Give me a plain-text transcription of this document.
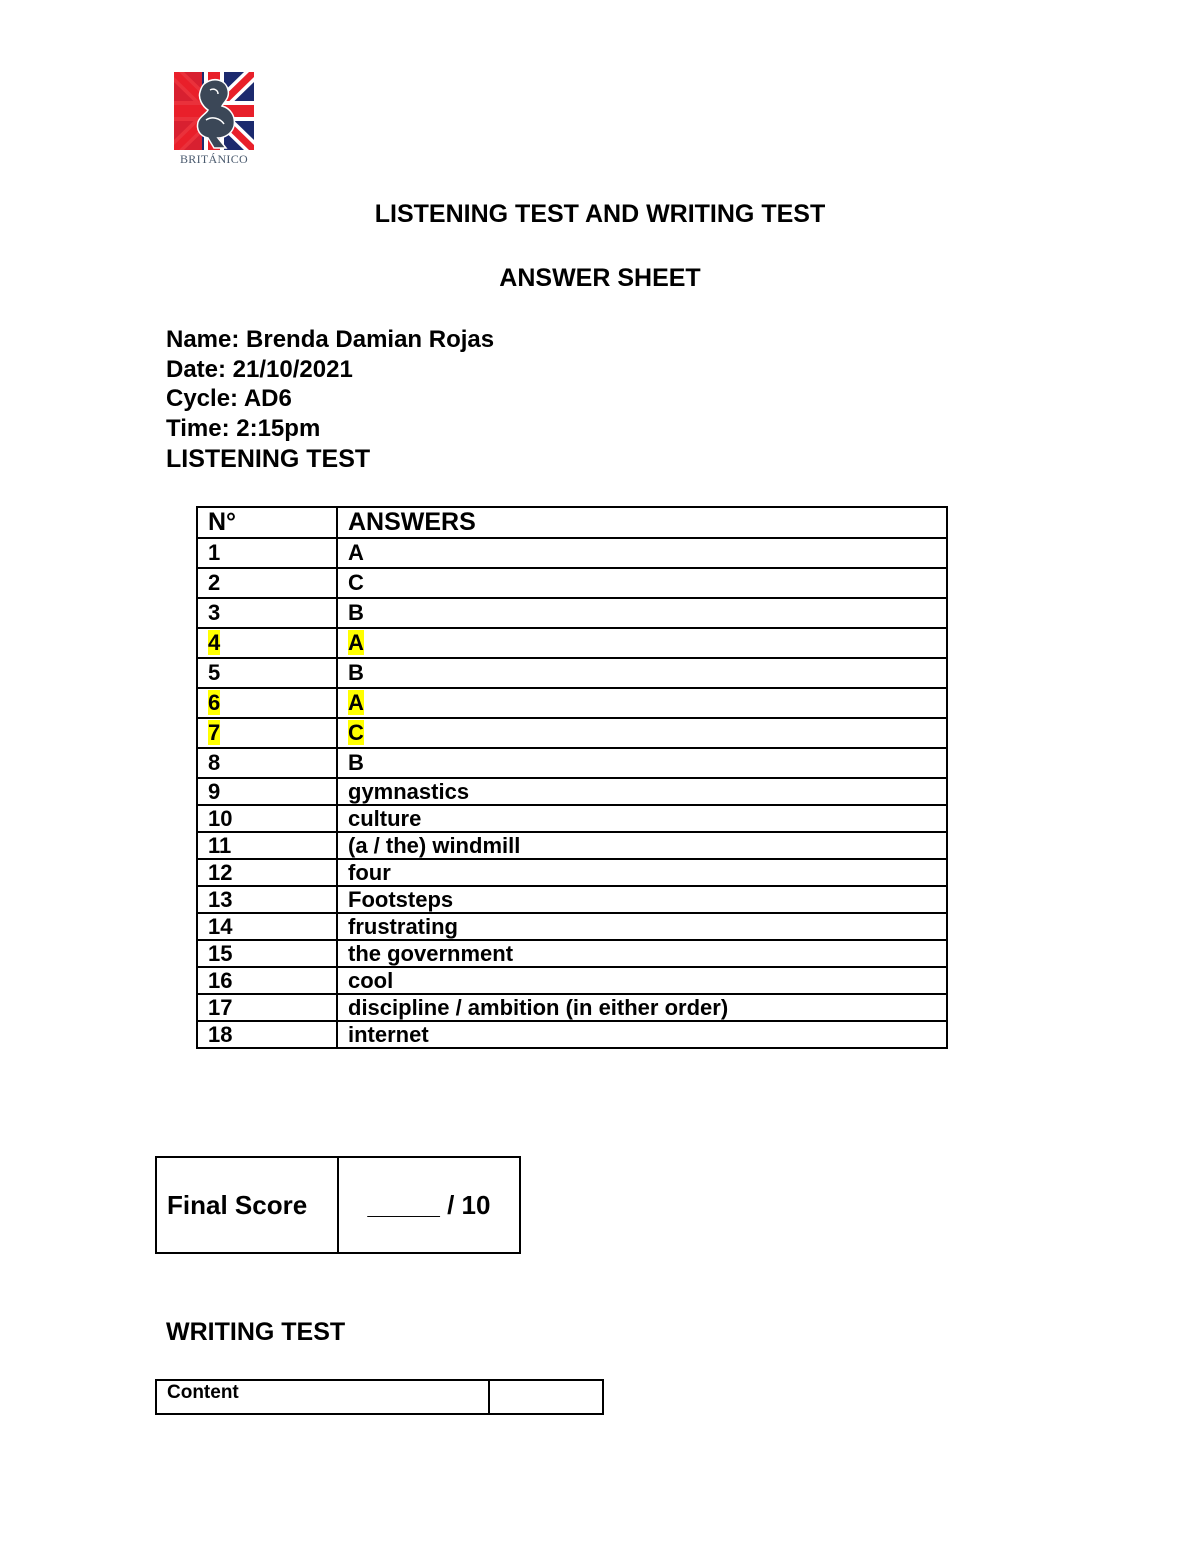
BRITÁNICO
LISTENING TEST AND WRITING TEST
ANSWER SHEET
Name: Brenda Damian Rojas
Date: 21/10/2021
Cycle: AD6
Time: 2:15pm
LISTENING TEST
N°	ANSWERS
1	A
2	C
3	B
4	A
5	B
6	A
7	C
8	B
9	gymnastics
10	culture
11	(a / the) windmill
12	four
13	Footsteps
14	frustrating
15	the government
16	cool
17	discipline / ambition (in either order)
18	internet
Final Score	_____ / 10
WRITING TEST
Content	
